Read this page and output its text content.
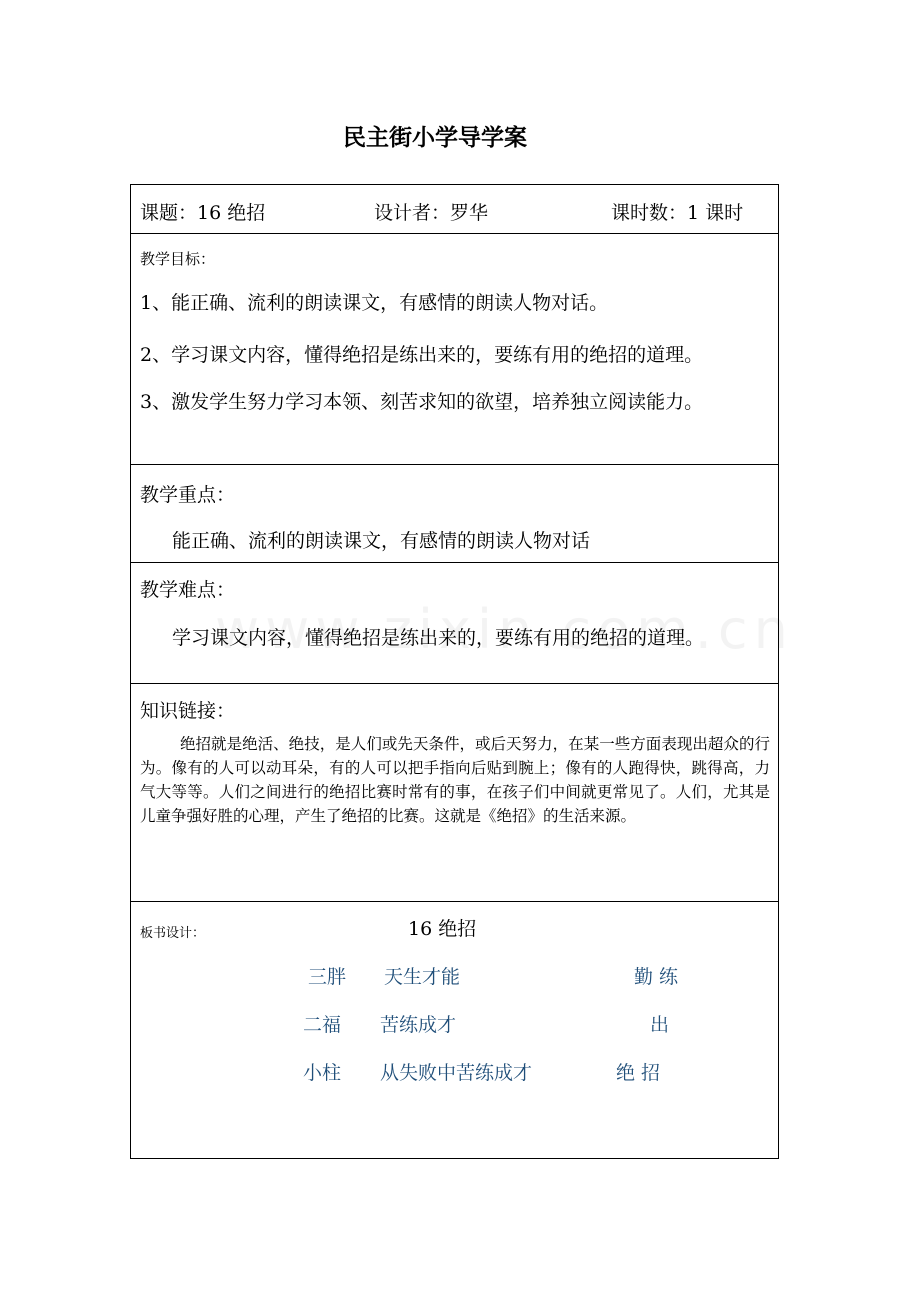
民主街小学导学案
课题：16 绝招	设计者：罗华	课时数：1 课时
教学目标：
1、能正确、流利的朗读课文，有感情的朗读人物对话。
2、学习课文内容，懂得绝招是练出来的，要练有用的绝招的道理。
3、激发学生努力学习本领、刻苦求知的欲望，培养独立阅读能力。
教学重点：
能正确、流利的朗读课文，有感情的朗读人物对话
教学难点：
学习课文内容，懂得绝招是练出来的，要练有用的绝招的道理。
知识链接：
绝招就是绝活、绝技，是人们或先天条件，或后天努力，在某一些方面表现出超众的行为。像有的人可以动耳朵，有的人可以把手指向后贴到腕上；像有的人跑得快，跳得高，力气大等等。人们之间进行的绝招比赛时常有的事，在孩子们中间就更常见了。人们，尤其是儿童争强好胜的心理，产生了绝招的比赛。这就是《绝招》的生活来源。
板书设计：	16 绝招
三胖 天生才能	勤 练
二福 苦练成才	出
小柱 从失败中苦练成才	绝 招
